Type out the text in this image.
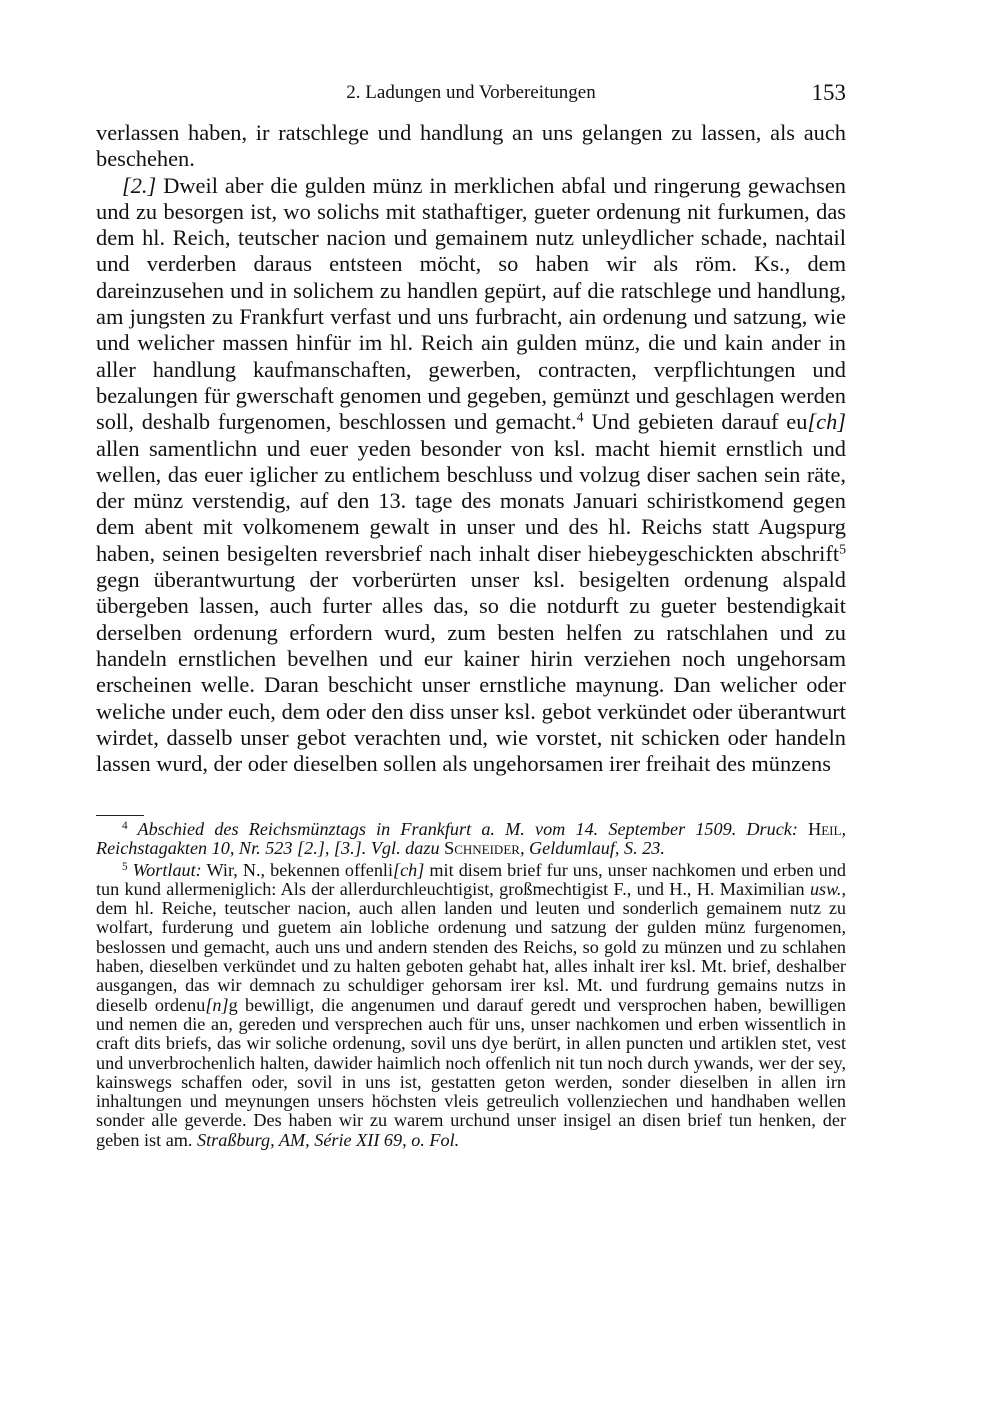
2. Ladungen und Vorbereitungen	153

verlassen haben, ir ratschlege und handlung an uns gelangen zu lassen, als auch beschehen.

[2.] Dweil aber die gulden münz in merklichen abfal und ringerung gewachsen und zu besorgen ist, wo solichs mit stathaftiger, gueter ordenung nit furkumen, das dem hl. Reich, teutscher nacion und gemainem nutz unleydlicher schade, nachtail und verderben daraus entsteen möcht, so haben wir als röm. Ks., dem dareinzusehen und in solichem zu handlen gepürt, auf die ratschlege und handlung, am jungsten zu Frankfurt verfast und uns furbracht, ain ordenung und satzung, wie und welicher massen hinfür im hl. Reich ain gulden münz, die und kain ander in aller handlung kaufmanschaften, gewerben, contracten, verpflichtungen und bezalungen für gwerschaft genomen und gegeben, gemünzt und geschlagen werden soll, deshalb furgenomen, beschlossen und gemacht.$^4$ Und gebieten darauf eu[ch] allen samentlichn und euer yeden besonder von ksl. macht hiemit ernstlich und wellen, das euer iglicher zu entlichem beschluss und volzug diser sachen sein räte, der münz verstendig, auf den 13. tage des monats Januari schiristkomend gegen dem abent mit volkomenem gewalt in unser und des hl. Reichs statt Augspurg haben, seinen besigelten reversbrief nach inhalt diser hiebeygeschickten abschrift$^5$ gegn überantwurtung der vorberürten unser ksl. besigelten ordenung alspald übergeben lassen, auch furter alles das, so die notdurft zu gueter bestendigkait derselben ordenung erfordern wurd, zum besten helfen zu ratschlahen und zu handeln ernstlichen bevelhen und eur kainer hirin verziehen noch ungehorsam erscheinen welle. Daran beschicht unser ernstliche maynung. Dan welicher oder weliche under euch, dem oder den diss unser ksl. gebot verkündet oder überantwurt wirdet, dasselb unser gebot verachten und, wie vorstet, nit schicken oder handeln lassen wurd, der oder dieselben sollen als ungehorsamen irer freihait des münzens

$^4$ Abschied des Reichsmünztags in Frankfurt a. M. vom 14. September 1509. Druck: Heil, Reichstagakten 10, Nr. 523 [2.], [3.]. Vgl. dazu Schneider, Geldumlauf, S. 23.

$^5$ Wortlaut: Wir, N., bekennen offenli[ch] mit disem brief fur uns, unser nachkomen und erben und tun kund allermeniglich: Als der allerdurchleuchtigist, großmechtigist F., und H., H. Maximilian usw., dem hl. Reiche, teutscher nacion, auch allen landen und leuten und sonderlich gemainem nutz zu wolfart, furderung und guetem ain lobliche ordenung und satzung der gulden münz furgenomen, beslossen und gemacht, auch uns und andern stenden des Reichs, so gold zu münzen und zu schlahen haben, dieselben verkündet und zu halten geboten gehabt hat, alles inhalt irer ksl. Mt. brief, deshalber ausgangen, das wir demnach zu schuldiger gehorsam irer ksl. Mt. und furdrung gemains nutzs in dieselb ordenu[n]g bewilligt, die angenumen und darauf geredt und versprochen haben, bewilligen und nemen die an, gereden und versprechen auch für uns, unser nachkomen und erben wissentlich in craft dits briefs, das wir soliche ordenung, sovil uns dye berürt, in allen puncten und artiklen stet, vest und unverbrochenlich halten, dawider haimlich noch offenlich nit tun noch durch ywands, wer der sey, kainswegs schaffen oder, sovil in uns ist, gestatten geton werden, sonder dieselben in allen irn inhaltungen und meynungen unsers höchsten vleis getreulich vollenziechen und handhaben wellen sonder alle geverde. Des haben wir zu warem urchund unser insigel an disen brief tun henken, der geben ist am. Straßburg, AM, Série XII 69, o. Fol.
